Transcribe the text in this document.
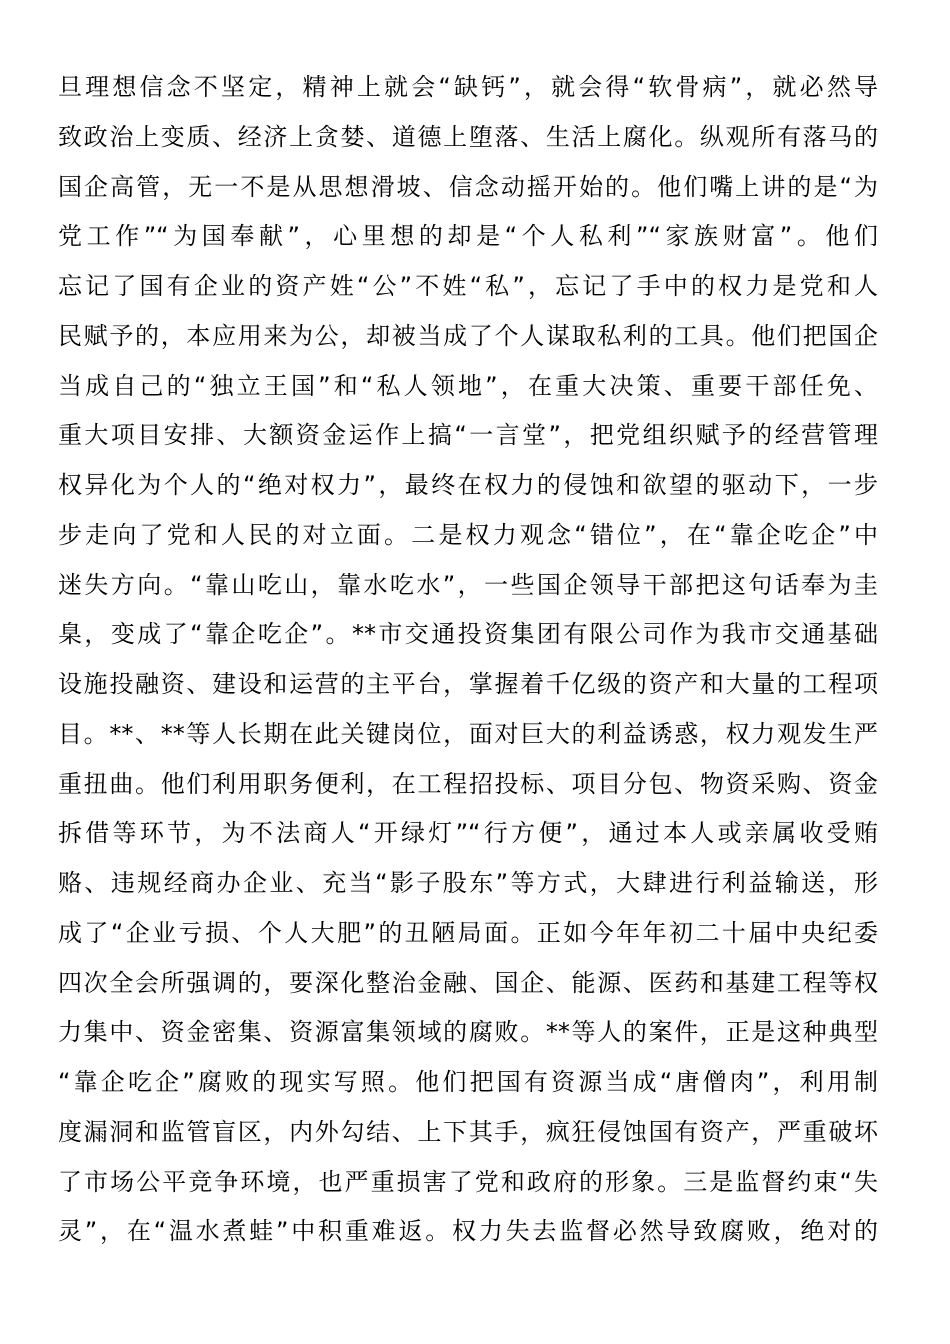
旦理想信念不坚定，精神上就会“缺钙”，就会得“软骨病”，就必然导
致政治上变质、经济上贪婪、道德上堕落、生活上腐化。纵观所有落马的
国企高管，无一不是从思想滑坡、信念动摇开始的。他们嘴上讲的是“为
党工作”“为国奉献”，心里想的却是“个人私利”“家族财富”。他们
忘记了国有企业的资产姓“公”不姓“私”，忘记了手中的权力是党和人
民赋予的，本应用来为公，却被当成了个人谋取私利的工具。他们把国企
当成自己的“独立王国”和“私人领地”，在重大决策、重要干部任免、
重大项目安排、大额资金运作上搞“一言堂”，把党组织赋予的经营管理
权异化为个人的“绝对权力”，最终在权力的侵蚀和欲望的驱动下，一步
步走向了党和人民的对立面。二是权力观念“错位”，在“靠企吃企”中
迷失方向。“靠山吃山，靠水吃水”，一些国企领导干部把这句话奉为圭
臬，变成了“靠企吃企”。**市交通投资集团有限公司作为我市交通基础
设施投融资、建设和运营的主平台，掌握着千亿级的资产和大量的工程项
目。**、**等人长期在此关键岗位，面对巨大的利益诱惑，权力观发生严
重扭曲。他们利用职务便利，在工程招投标、项目分包、物资采购、资金
拆借等环节，为不法商人“开绿灯”“行方便”，通过本人或亲属收受贿
赂、违规经商办企业、充当“影子股东”等方式，大肆进行利益输送，形
成了“企业亏损、个人大肥”的丑陋局面。正如今年年初二十届中央纪委
四次全会所强调的，要深化整治金融、国企、能源、医药和基建工程等权
力集中、资金密集、资源富集领域的腐败。**等人的案件，正是这种典型
“靠企吃企”腐败的现实写照。他们把国有资源当成“唐僧肉”，利用制
度漏洞和监管盲区，内外勾结、上下其手，疯狂侵蚀国有资产，严重破坏
了市场公平竞争环境，也严重损害了党和政府的形象。三是监督约束“失
灵”，在“温水煮蛙”中积重难返。权力失去监督必然导致腐败，绝对的
